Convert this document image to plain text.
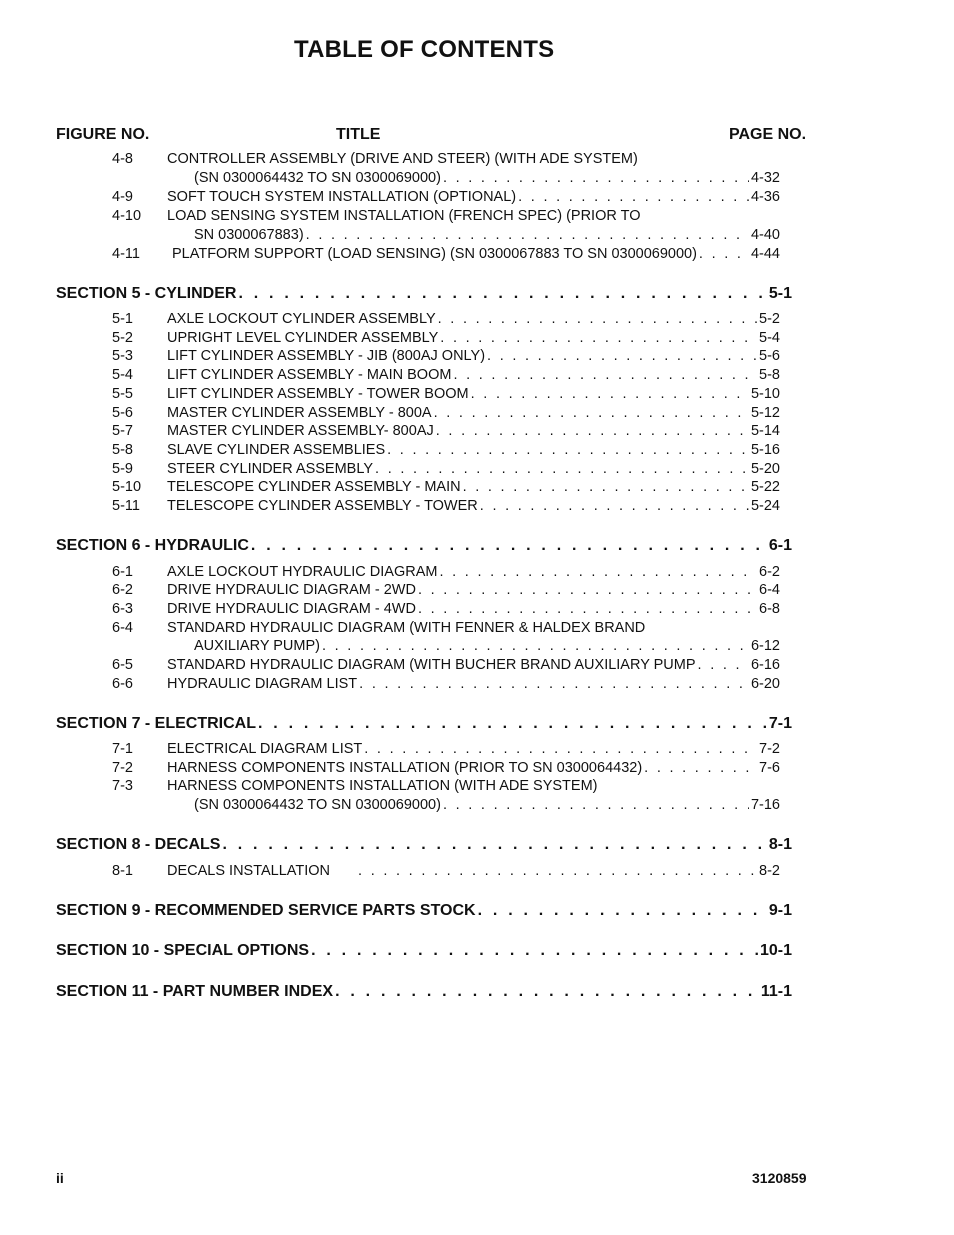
TABLE OF CONTENTS
FIGURE NO.	TITLE	PAGE NO.
4-8 CONTROLLER ASSEMBLY (DRIVE AND STEER) (WITH ADE SYSTEM)
(SN 0300064432 TO SN 0300069000) . . .	4-32
4-9 SOFT TOUCH SYSTEM INSTALLATION (OPTIONAL) . . .	4-36
4-10 LOAD SENSING SYSTEM INSTALLATION (FRENCH SPEC) (PRIOR TO
SN 0300067883) . . .	4-40
4-11 PLATFORM SUPPORT (LOAD SENSING) (SN 0300067883 TO SN 0300069000) . . .	4-44
SECTION 5 - CYLINDER . . .	5-1
5-1 AXLE LOCKOUT CYLINDER ASSEMBLY . . .	5-2
5-2 UPRIGHT LEVEL CYLINDER ASSEMBLY . . .	5-4
5-3 LIFT CYLINDER ASSEMBLY - JIB (800AJ ONLY) . . .	5-6
5-4 LIFT CYLINDER ASSEMBLY - MAIN BOOM . . .	5-8
5-5 LIFT CYLINDER ASSEMBLY - TOWER BOOM . . .	5-10
5-6 MASTER CYLINDER ASSEMBLY - 800A . . .	5-12
5-7 MASTER CYLINDER ASSEMBLY- 800AJ . . .	5-14
5-8 SLAVE CYLINDER ASSEMBLIES . . .	5-16
5-9 STEER CYLINDER ASSEMBLY . . .	5-20
5-10 TELESCOPE CYLINDER ASSEMBLY - MAIN . . .	5-22
5-11 TELESCOPE CYLINDER ASSEMBLY - TOWER . . .	5-24
SECTION 6 - HYDRAULIC . . .	6-1
6-1 AXLE LOCKOUT HYDRAULIC DIAGRAM . . .	6-2
6-2 DRIVE HYDRAULIC DIAGRAM - 2WD . . .	6-4
6-3 DRIVE HYDRAULIC DIAGRAM - 4WD . . .	6-8
6-4 STANDARD HYDRAULIC DIAGRAM (WITH FENNER & HALDEX BRAND
AUXILIARY PUMP) . . .	6-12
6-5 STANDARD HYDRAULIC DIAGRAM (WITH BUCHER BRAND AUXILIARY PUMP . . .	6-16
6-6 HYDRAULIC DIAGRAM LIST . . .	6-20
SECTION 7 - ELECTRICAL . . .	7-1
7-1 ELECTRICAL DIAGRAM LIST . . .	7-2
7-2 HARNESS COMPONENTS INSTALLATION (PRIOR TO SN 0300064432) . . .	7-6
7-3 HARNESS COMPONENTS INSTALLATION (WITH ADE SYSTEM)
(SN 0300064432 TO SN 0300069000) . . .	7-16
SECTION 8 - DECALS . . .	8-1
8-1 DECALS INSTALLATION . . .	8-2
SECTION 9 - RECOMMENDED SERVICE PARTS STOCK . . .	9-1
SECTION 10 - SPECIAL OPTIONS . . .	10-1
SECTION 11 - PART NUMBER INDEX . . .	11-1
ii	3120859
